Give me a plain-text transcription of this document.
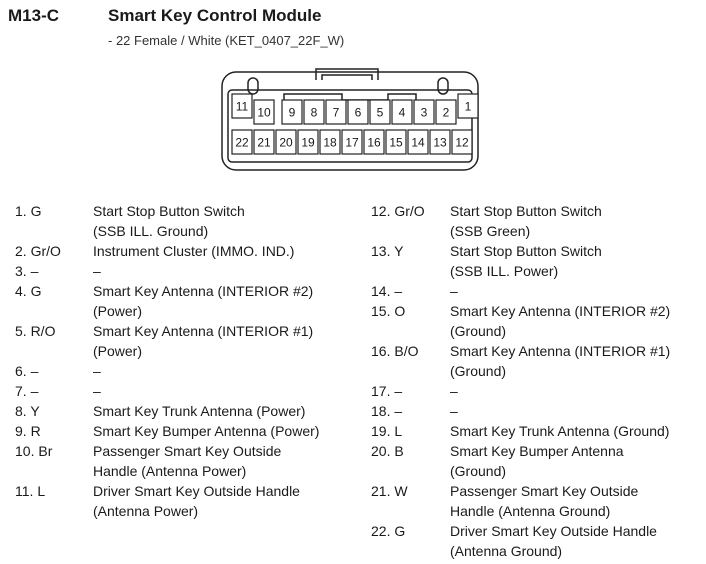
M13-C	Smart Key Control Module
- 22 Female / White (KET_0407_22F_W)
11 10 9 8 7 6 5 4 3 2 1
22 21 20 19 18 17 16 15 14 13 12
1. G	Start Stop Button Switch
(SSB ILL. Ground)
2. Gr/O	Instrument Cluster (IMMO. IND.)
3. –	–
4. G	Smart Key Antenna (INTERIOR #2)
(Power)
5. R/O	Smart Key Antenna (INTERIOR #1)
(Power)
6. –	–
7. –	–
8. Y	Smart Key Trunk Antenna (Power)
9. R	Smart Key Bumper Antenna (Power)
10. Br	Passenger Smart Key Outside
Handle (Antenna Power)
11. L	Driver Smart Key Outside Handle
(Antenna Power)
12. Gr/O	Start Stop Button Switch
(SSB Green)
13. Y	Start Stop Button Switch
(SSB ILL. Power)
14. –	–
15. O	Smart Key Antenna (INTERIOR #2)
(Ground)
16. B/O	Smart Key Antenna (INTERIOR #1)
(Ground)
17. –	–
18. –	–
19. L	Smart Key Trunk Antenna (Ground)
20. B	Smart Key Bumper Antenna
(Ground)
21. W	Passenger Smart Key Outside
Handle (Antenna Ground)
22. G	Driver Smart Key Outside Handle
(Antenna Ground)
